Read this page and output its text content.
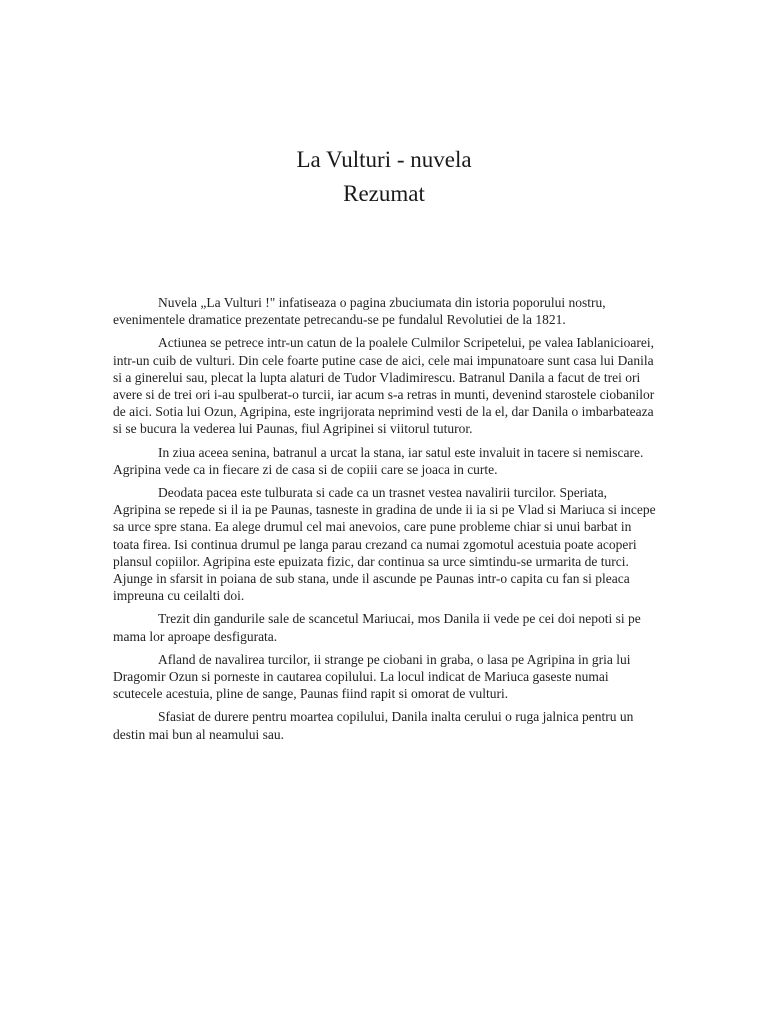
La Vulturi - nuvela
Rezumat

Nuvela „La Vulturi !" infatiseaza o pagina zbuciumata din istoria poporului nostru, evenimentele dramatice prezentate petrecandu-se pe fundalul Revolutiei de la 1821.

Actiunea se petrece intr-un catun de la poalele Culmilor Scripetelui, pe valea Iablanicioarei, intr-un cuib de vulturi. Din cele foarte putine case de aici, cele mai impunatoare sunt casa lui Danila si a ginerelui sau, plecat la lupta alaturi de Tudor Vladimirescu. Batranul Danila a facut de trei ori avere si de trei ori i-au spulberat-o turcii, iar acum s-a retras in munti, devenind starostele ciobanilor de aici. Sotia lui Ozun, Agripina, este ingrijorata neprimind vesti de la el, dar Danila o imbarbateaza si se bucura la vederea lui Paunas, fiul Agripinei si viitorul tuturor.

In ziua aceea senina, batranul a urcat la stana, iar satul este invaluit in tacere si nemiscare. Agripina vede ca in fiecare zi de casa si de copiii care se joaca in curte.

Deodata pacea este tulburata si cade ca un trasnet vestea navalirii turcilor. Speriata, Agripina se repede si il ia pe Paunas, tasneste in gradina de unde ii ia si pe Vlad si Mariuca si incepe sa urce spre stana. Ea alege drumul cel mai anevoios, care pune probleme chiar si unui barbat in toata firea. Isi continua drumul pe langa parau crezand ca numai zgomotul acestuia poate acoperi plansul copiilor. Agripina este epuizata fizic, dar continua sa urce simtindu-se urmarita de turci. Ajunge in sfarsit in poiana de sub stana, unde il ascunde pe Paunas intr-o capita cu fan si pleaca impreuna cu ceilalti doi.

Trezit din gandurile sale de scancetul Mariucai, mos Danila ii vede pe cei doi nepoti si pe mama lor aproape desfigurata.

Afland de navalirea turcilor, ii strange pe ciobani in graba, o lasa pe Agripina in gria lui Dragomir Ozun si porneste in cautarea copilului. La locul indicat de Mariuca gaseste numai scutecele acestuia, pline de sange, Paunas fiind rapit si omorat de vulturi.

Sfasiat de durere pentru moartea copilului, Danila inalta cerului o ruga jalnica pentru un destin mai bun al neamului sau.
